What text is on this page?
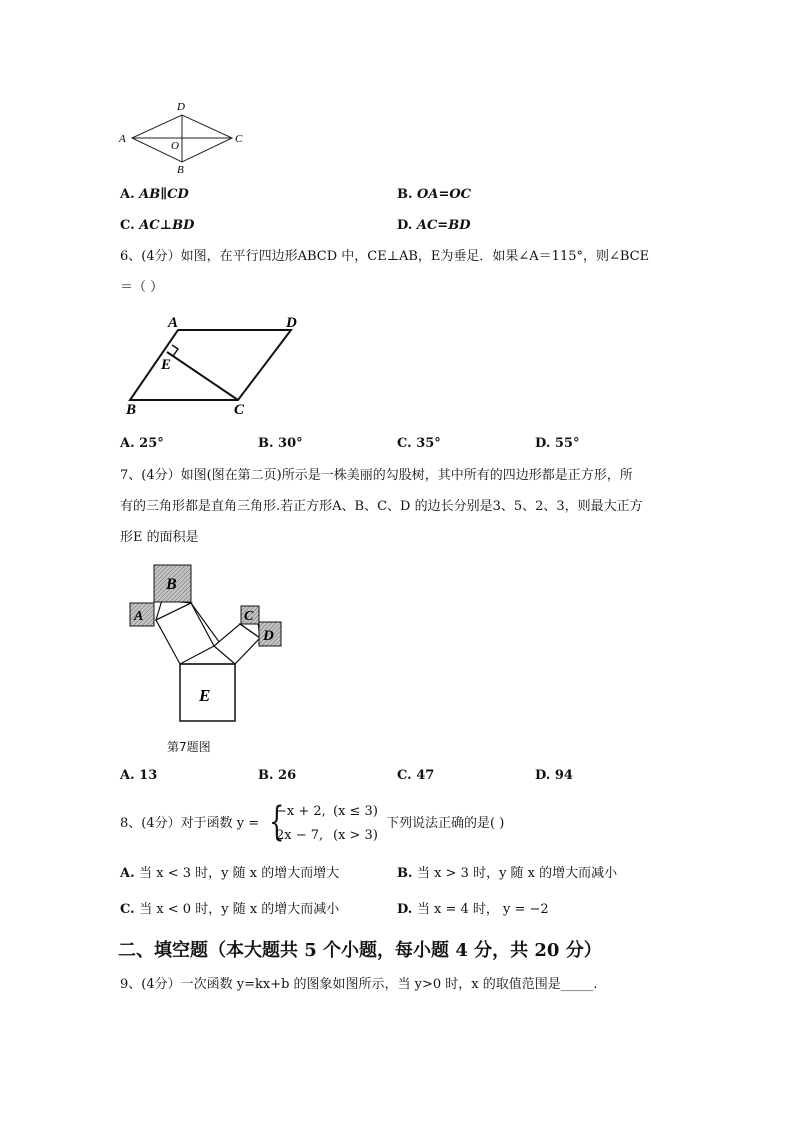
D
A	C
O
B
A. AB∥CD	B. OA=OC
C. AC⊥BD	D. AC=BD
6、(4分）如图，在平行四边形ABCD 中，CE⊥AB，E为垂足．如果∠A＝115°，则∠BCE
＝（ ）
A	D
E
B	C
A. 25°	B. 30°	C. 35°	D. 55°
7、(4分）如图(图在第二页)所示是一株美丽的勾股树，其中所有的四边形都是正方形，所
有的三角形都是直角三角形.若正方形A、B、C、D 的边长分别是3、5、2、3，则最大正方
形E 的面积是
A
B
C
D
E
第7题图
A. 13	B. 26	C. 47	D. 94
8、(4分）对于函数 y = {
−x + 2, (x ≤ 3)
2x − 7, (x > 3)
下列说法正确的是( )
A. 当 x < 3 时，y 随 x 的增大而增大	B. 当 x > 3 时，y 随 x 的增大而减小
C. 当 x < 0 时，y 随 x 的增大而减小	D. 当 x = 4 时， y = −2
二、填空题（本大题共 5 个小题，每小题 4 分，共 20 分）
9、(4分）一次函数 y=kx+b 的图象如图所示，当 y>0 时，x 的取值范围是_____.
